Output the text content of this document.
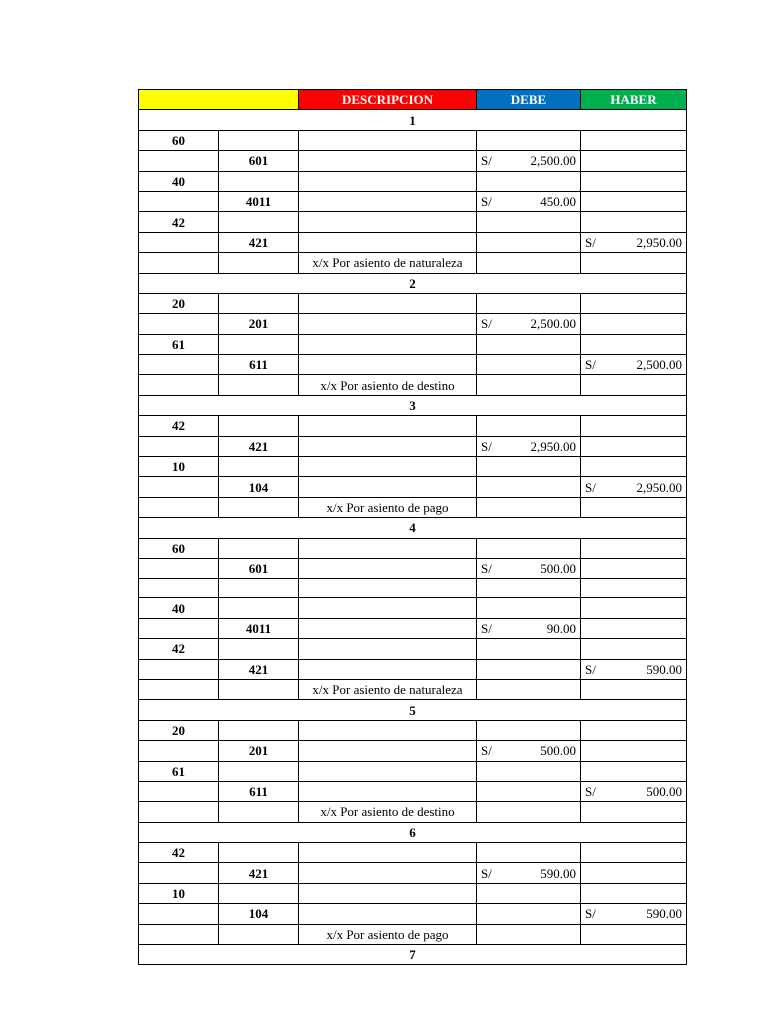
CUENTA		DESCRIPCION	DEBE	HABER
1				
60				
	601		S/ 2,500.00	

40				
	4011		S/ 450.00	

42				
	421			S/ 2,950.00

		x/x Por asiento de naturaleza		
2				
20				
	201		S/ 2,500.00	

61				
	611			S/ 2,500.00

		x/x Por asiento de destino		
3				
42				
	421		S/ 2,950.00	

10				
	104			S/ 2,950.00

		x/x Por asiento de pago		
4				
60				
	601		S/ 500.00	

40				
	4011		S/ 90.00	

42				
	421			S/ 590.00

		x/x Por asiento de naturaleza		
5				
20				
	201		S/ 500.00	

61				
	611			S/ 500.00

		x/x Por asiento de destino		
6				
42				
	421		S/ 590.00	

10				
	104			S/ 590.00

		x/x Por asiento de pago		
7				
